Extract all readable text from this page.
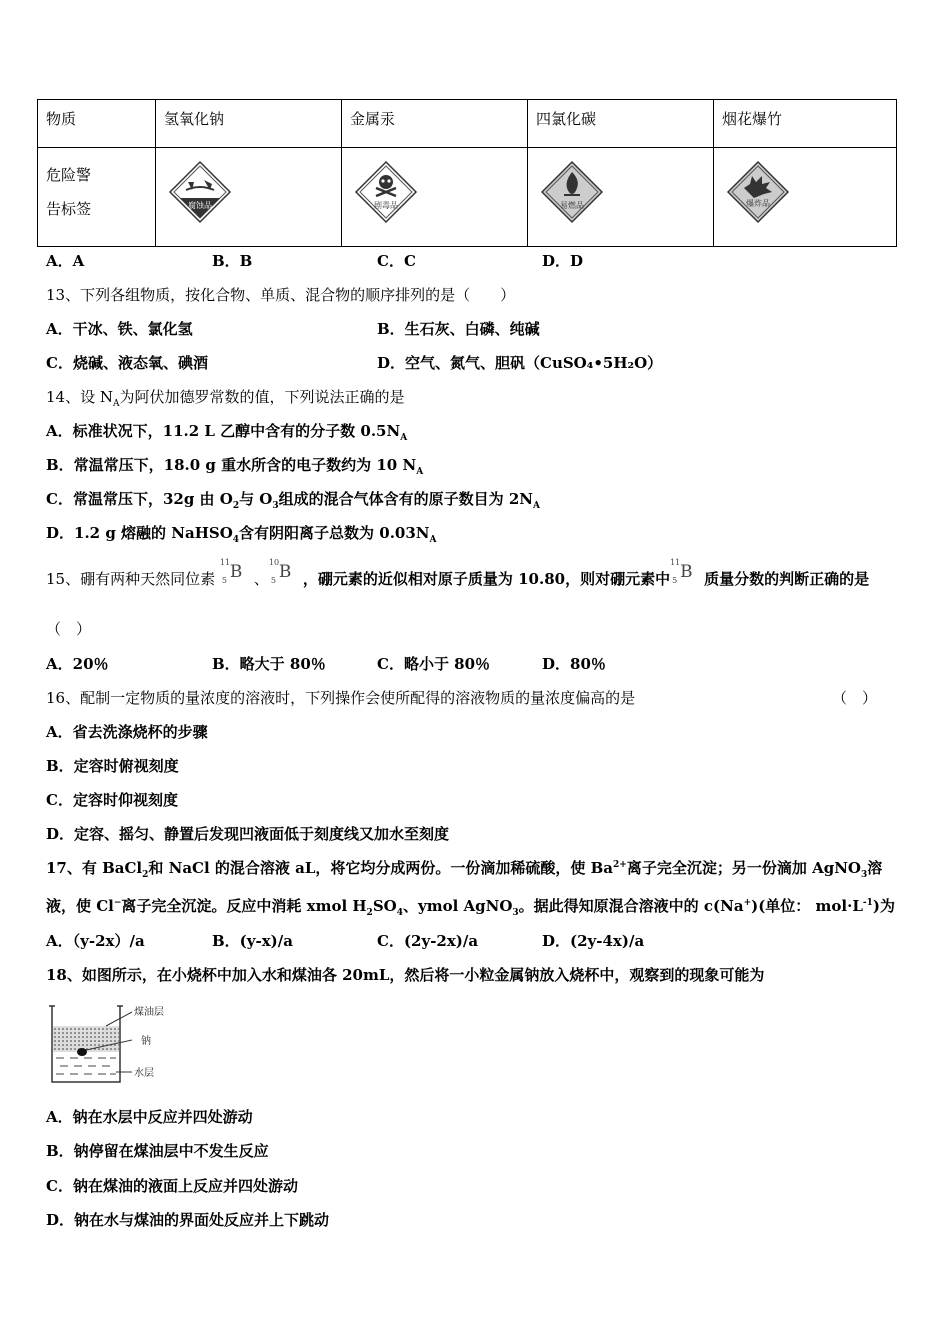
物质	氢氧化钠	金属汞	四氯化碳	烟花爆竹

危险警
告标签	腐蚀品	剧毒品	易燃品	爆炸品
A．A	B．B	C．C	D．D
13、下列各组物质，按化合物、单质、混合物的顺序排列的是（　　）
A．干冰、铁、氯化氢	B．生石灰、白磷、纯碱
C．烧碱、液态氧、碘酒	D．空气、氮气、胆矾（CuSO₄•5H₂O）
14、设 $N_A$为阿伏加德罗常数的值，下列说法正确的是
A．标准状况下，11.2 L 乙醇中含有的分子数 $0.5N_A$
B．常温常压下，18.0 g 重水所含的电子数约为 10 $N_A$
C．常温常压下，32g 由 $O_2$与 $O_3$组成的混合气体含有的原子数目为 $2N_A$
D．1.2 g 熔融的 NaHSO$_4$含有阴阳离子总数为 $0.03N_A$
15、硼有两种天然同位素
11
5 B 、
10
5 B ，硼元素的近似相对原子质量为 10.80，则对硼元素中
11
5 B 质量分数的判断正确的是
（　）
A．20％	B．略大于 80％	C．略小于 80％	D．80％
16、配制一定物质的量浓度的溶液时，下列操作会使所配得的溶液物质的量浓度偏高的是	（　）
A．省去洗涤烧杯的步骤
B．定容时俯视刻度
C．定容时仰视刻度
D．定容、摇匀、静置后发现凹液面低于刻度线又加水至刻度
17、有 BaCl$_2$和 NaCl 的混合溶液 aL，将它均分成两份。一份滴加稀硫酸，使 $Ba^{2+}$离子完全沉淀；另一份滴加 AgNO$_3$溶
液，使 Cl−离子完全沉淀。反应中消耗 xmol $H_2SO_4$、ymol AgNO$_3$。据此得知原混合溶液中的 c(Na+)(单位： $mol\cdot L^{-1}$)为
A．（y-2x）/a	B．(y-x)/a	C．(2y-2x)/a	D．(2y-4x)/a
18、如图所示，在小烧杯中加入水和煤油各 20mL，然后将一小粒金属钠放入烧杯中，观察到的现象可能为
煤油层
钠
水层
A．钠在水层中反应并四处游动
B．钠停留在煤油层中不发生反应
C．钠在煤油的液面上反应并四处游动
D．钠在水与煤油的界面处反应并上下跳动
